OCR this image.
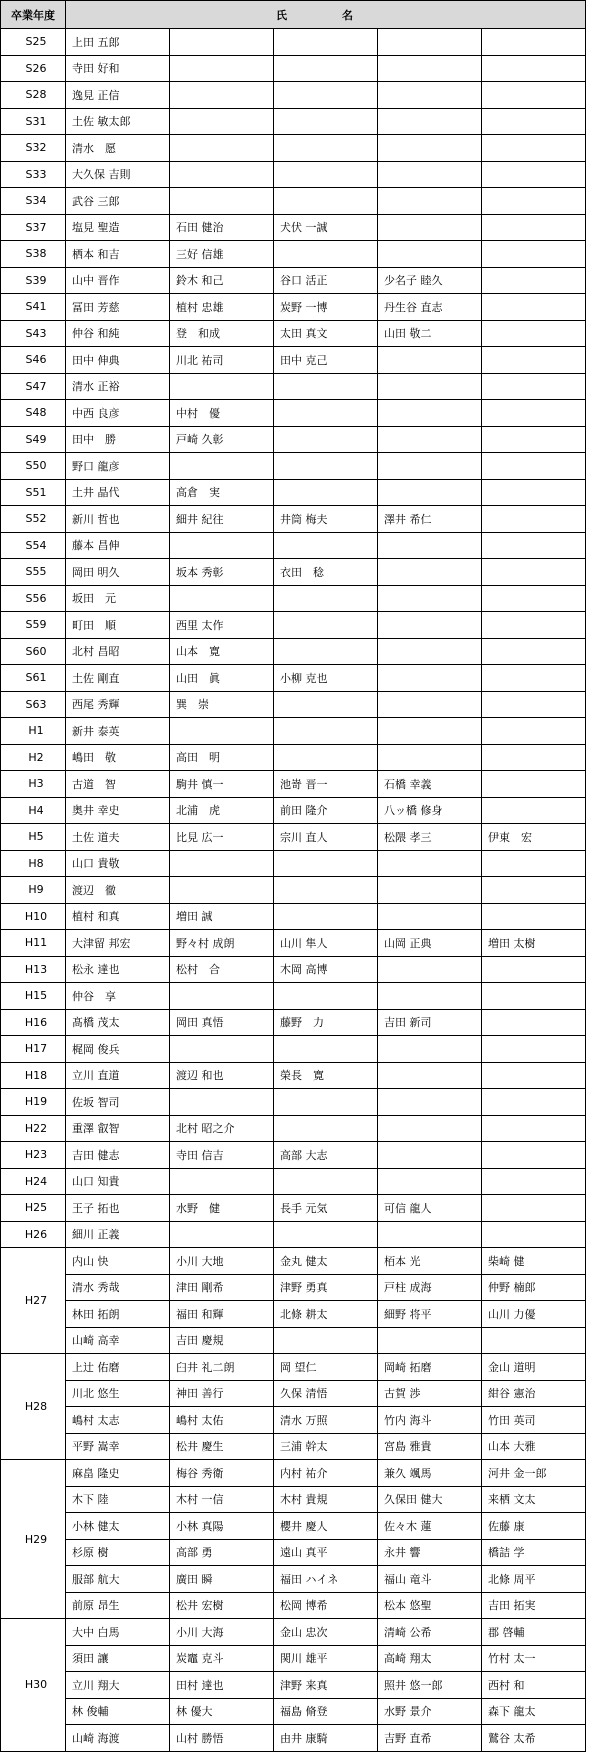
卒業年度	氏　名				
S25	上田 五郎				
S26	寺田 好和				
S28	逸見 正信				
S31	土佐 敏太郎				
S32	清水　愿				
S33	大久保 吉則				
S34	武谷 三郎				
S37	塩見 聖造	石田 健治	犬伏 一誠		
S38	栖本 和吉	三好 信雄			
S39	山中 晋作	鈴木 和己	谷口 活正	少名子 睦久	
S41	冨田 芳慈	植村 忠雄	炭野 一博	丹生谷 直志	
S43	仲谷 和純	登　和成	太田 真文	山田 敬二	
S46	田中 伸典	川北 祐司	田中 克己		
S47	清水 正裕				
S48	中西 良彦	中村　優			
S49	田中　勝	戸崎 久彰			
S50	野口 龍彦				
S51	土井 晶代	高倉　実			
S52	新川 哲也	細井 紀往	井筒 梅夫	澤井 希仁	
S54	藤本 昌伸				
S55	岡田 明久	坂本 秀彰	衣田　稔		
S56	坂田　元				
S59	町田　順	西里 太作			
S60	北村 昌昭	山本　寛			
S61	土佐 剛直	山田　眞	小柳 克也		
S63	西尾 秀輝	巽　崇			
H1	新井 泰英				
H2	嶋田　敬	高田　明			
H3	古道　智	駒井 慎一	池嵜 晋一	石橋 幸義	
H4	奥井 幸史	北浦　虎	前田 隆介	八ッ橋 修身	
H5	土佐 道夫	比見 広一	宗川 直人	松隈 孝三	伊東　宏
H8	山口 貴敬				
H9	渡辺　徹				
H10	植村 和真	増田 誠			
H11	大津留 邦宏	野々村 成朗	山川 隼人	山岡 正典	増田 太樹
H13	松永 達也	松村　合	木岡 高博		
H15	仲谷　享				
H16	髙橋 茂太	岡田 真悟	藤野　力	吉田 新司	
H17	梶岡 俊兵				
H18	立川 直道	渡辺 和也	榮長　寛		
H19	佐坂 智司				
H22	重澤 叡智	北村 昭之介			
H23	吉田 健志	寺田 信吉	高部 大志		
H24	山口 知貴				
H25	王子 拓也	水野　健	長手 元気	可信 龍人	
H26	細川 正義				
H27	内山 快	小川 大地	金丸 健太	栢本 光	柴崎 健
	清水 秀哉	津田 剛希	津野 勇真	戸柱 成海	仲野 楠郎
	林田 拓朗	福田 和輝	北條 耕太	細野 将平	山川 力優
	山崎 高幸	吉田 慶規			
H28	上辻 佑磨	臼井 礼二朗	岡 望仁	岡崎 拓磨	金山 道明
	川北 悠生	神田 善行	久保 清悟	古賀 渉	紺谷 憲治
	嶋村 太志	嶋村 太佑	清水 万照	竹内 海斗	竹田 英司
	平野 嵩幸	松井 慶生	三浦 幹太	宮島 雅貴	山本 大雅
H29	麻畠 隆史	梅谷 秀衛	内村 祐介	兼久 颯馬	河井 金一郎
	木下 陸	木村 一信	木村 貴規	久保田 健大	来栖 文太
	小林 健太	小林 真陽	櫻井 慶人	佐々木 蓮	佐藤 康
	杉原 樹	高部 勇	遠山 真平	永井 響	橋詰 学
	服部 航大	廣田 瞬	福田 ハイネ	福山 竜斗	北條 周平
	前原 昂生	松井 宏樹	松岡 博希	松本 悠聖	吉田 拓実
H30	大中 白馬	小川 大海	金山 忠次	清崎 公希	郡 啓輔
	須田 讓	炭竈 克斗	関川 雄平	高崎 翔太	竹村 太一
	立川 翔大	田村 達也	津野 来真	照井 悠一郎	西村 和
	林 俊輔	林 優大	福島 脩登	水野 景介	森下 龍太
	山崎 海渡	山村 勝悟	由井 康騎	吉野 直希	鷲谷 太希
